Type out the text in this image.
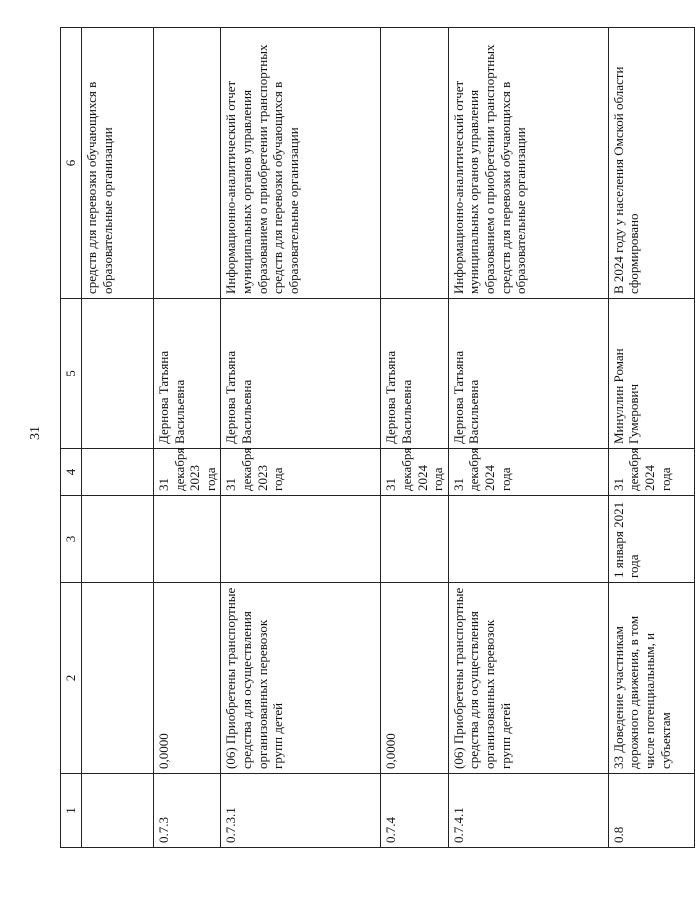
31
1	2	3	4	5	6
					средств для перевозки обучающихся в образовательные организации
0.7.3	0,0000		31 декабря 2023 года	Дернова Татьяна Васильевна	
0.7.3.1	(06) Приобретены транспортные средства для осуществления организованных перевозок групп детей		31 декабря 2023 года	Дернова Татьяна Васильевна	Информационно-аналитический отчет муниципальных органов управления образованием о приобретении транспортных средств для перевозки обучающихся в образовательные организации
0.7.4	0,0000		31 декабря 2024 года	Дернова Татьяна Васильевна	
0.7.4.1	(06) Приобретены транспортные средства для осуществления организованных перевозок групп детей		31 декабря 2024 года	Дернова Татьяна Васильевна	Информационно-аналитический отчет муниципальных органов управления образованием о приобретении транспортных средств для перевозки обучающихся в образовательные организации
0.8	33 Доведение участникам дорожного движения, в том числе потенциальным, и субъектам	1 января 2021 года	31 декабря 2024 года	Минуллин Роман Гумерович	В 2024 году у населения Омской области сформировано
